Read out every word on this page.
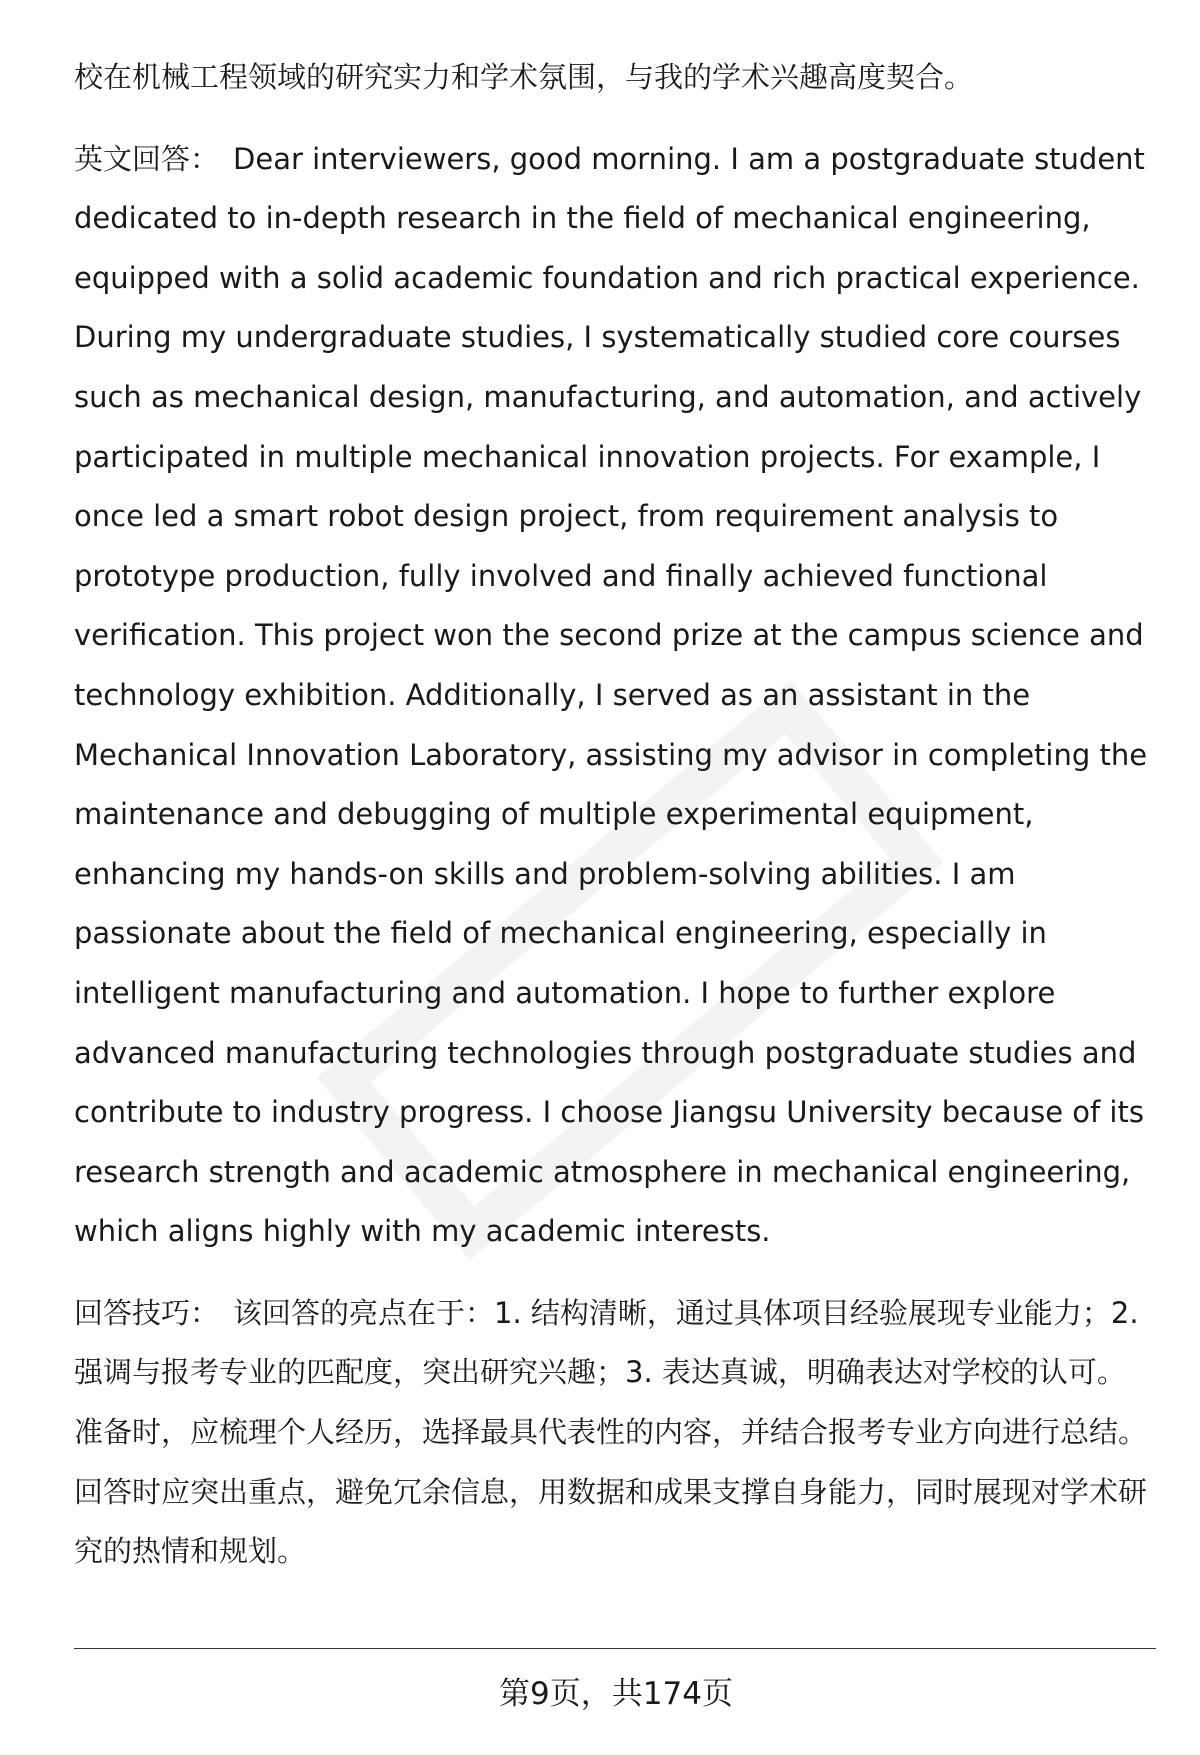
校在机械工程领域的研究实力和学术氛围，与我的学术兴趣高度契合。

英文回答： Dear interviewers, good morning. I am a postgraduate student dedicated to in-depth research in the field of mechanical engineering, equipped with a solid academic foundation and rich practical experience. During my undergraduate studies, I systematically studied core courses such as mechanical design, manufacturing, and automation, and actively participated in multiple mechanical innovation projects. For example, I once led a smart robot design project, from requirement analysis to prototype production, fully involved and finally achieved functional verification. This project won the second prize at the campus science and technology exhibition. Additionally, I served as an assistant in the Mechanical Innovation Laboratory, assisting my advisor in completing the maintenance and debugging of multiple experimental equipment, enhancing my hands-on skills and problem-solving abilities. I am passionate about the field of mechanical engineering, especially in intelligent manufacturing and automation. I hope to further explore advanced manufacturing technologies through postgraduate studies and contribute to industry progress. I choose Jiangsu University because of its research strength and academic atmosphere in mechanical engineering, which aligns highly with my academic interests.

回答技巧： 该回答的亮点在于：1. 结构清晰，通过具体项目经验展现专业能力；2. 强调与报考专业的匹配度，突出研究兴趣；3. 表达真诚，明确表达对学校的认可。准备时，应梳理个人经历，选择最具代表性的内容，并结合报考专业方向进行总结。回答时应突出重点，避免冗余信息，用数据和成果支撑自身能力，同时展现对学术研究的热情和规划。

第9页，共174页
